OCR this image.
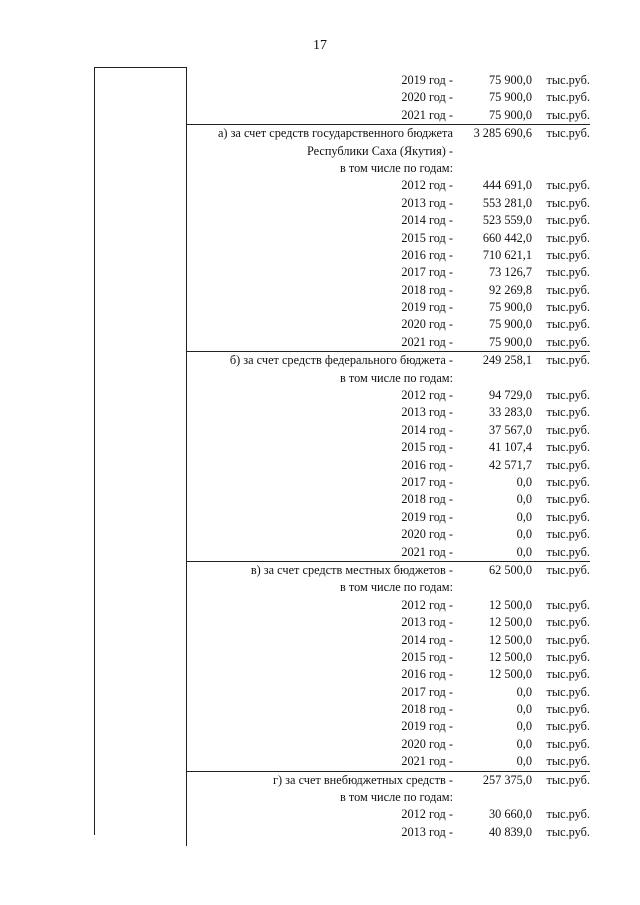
17
2019 год -	75 900,0 тыс.руб.
2020 год -	75 900,0 тыс.руб.
2021 год -	75 900,0 тыс.руб.
а) за счет средств государственного бюджета 3 285 690,6 тыс.руб.
Республики Саха (Якутия) -
в том числе по годам:
2012 год - 444 691,0 тыс.руб.
2013 год - 553 281,0 тыс.руб.
2014 год - 523 559,0 тыс.руб.
2015 год - 660 442,0 тыс.руб.
2016 год - 710 621,1 тыс.руб.
2017 год -	73 126,7 тыс.руб.
2018 год -	92 269,8 тыс.руб.
2019 год -	75 900,0 тыс.руб.
2020 год -	75 900,0 тыс.руб.
2021 год -	75 900,0 тыс.руб.
б) за счет средств федерального бюджета - 249 258,1 тыс.руб.
в том числе по годам:
2012 год -	94 729,0 тыс.руб.
2013 год -	33 283,0 тыс.руб.
2014 год -	37 567,0 тыс.руб.
2015 год -	41 107,4 тыс.руб.
2016 год -	42 571,7 тыс.руб.
2017 год -	0,0 тыс.руб.
2018 год -	0,0 тыс.руб.
2019 год -	0,0 тыс.руб.
2020 год -	0,0 тыс.руб.
2021 год -	0,0 тыс.руб.
в) за счет средств местных бюджетов -	62 500,0 тыс.руб.
в том числе по годам:
2012 год -	12 500,0 тыс.руб.
2013 год -	12 500,0 тыс.руб.
2014 год -	12 500,0 тыс.руб.
2015 год -	12 500,0 тыс.руб.
2016 год -	12 500,0 тыс.руб.
2017 год -	0,0 тыс.руб.
2018 год -	0,0 тыс.руб.
2019 год -	0,0 тыс.руб.
2020 год -	0,0 тыс.руб.
2021 год -	0,0 тыс.руб.
г) за счет внебюджетных средств - 257 375,0 тыс.руб.
в том числе по годам:
2012 год -	30 660,0 тыс.руб.
2013 год -	40 839,0 тыс.руб.
